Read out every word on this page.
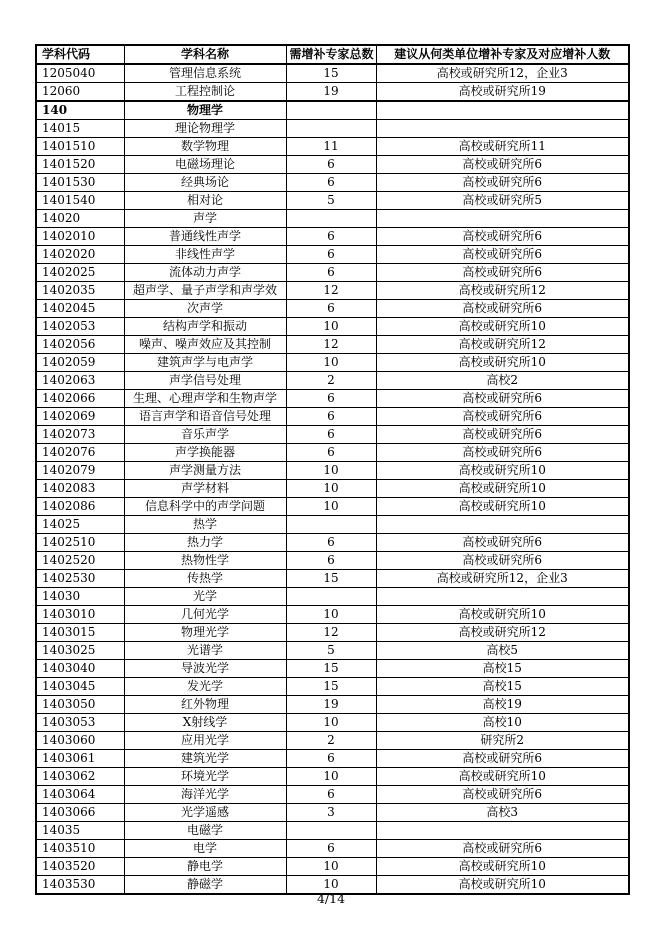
学科代码	学科名称	需增补专家总数	建议从何类单位增补专家及对应增补人数
1205040	管理信息系统	15	高校或研究所12，企业3
12060	工程控制论	19	高校或研究所19
140	物理学		
14015	理论物理学		
1401510	数学物理	11	高校或研究所11
1401520	电磁场理论	6	高校或研究所6
1401530	经典场论	6	高校或研究所6
1401540	相对论	5	高校或研究所5
14020	声学		
1402010	普通线性声学	6	高校或研究所6
1402020	非线性声学	6	高校或研究所6
1402025	流体动力声学	6	高校或研究所6
1402035	超声学、量子声学和声学效	12	高校或研究所12
1402045	次声学	6	高校或研究所6
1402053	结构声学和振动	10	高校或研究所10
1402056	噪声、噪声效应及其控制	12	高校或研究所12
1402059	建筑声学与电声学	10	高校或研究所10
1402063	声学信号处理	2	高校2
1402066	生理、心理声学和生物声学	6	高校或研究所6
1402069	语言声学和语音信号处理	6	高校或研究所6
1402073	音乐声学	6	高校或研究所6
1402076	声学换能器	6	高校或研究所6
1402079	声学测量方法	10	高校或研究所10
1402083	声学材料	10	高校或研究所10
1402086	信息科学中的声学问题	10	高校或研究所10
14025	热学		
1402510	热力学	6	高校或研究所6
1402520	热物性学	6	高校或研究所6
1402530	传热学	15	高校或研究所12，企业3
14030	光学		
1403010	几何光学	10	高校或研究所10
1403015	物理光学	12	高校或研究所12
1403025	光谱学	5	高校5
1403040	导波光学	15	高校15
1403045	发光学	15	高校15
1403050	红外物理	19	高校19
1403053	X射线学	10	高校10
1403060	应用光学	2	研究所2
1403061	建筑光学	6	高校或研究所6
1403062	环境光学	10	高校或研究所10
1403064	海洋光学	6	高校或研究所6
1403066	光学遥感	3	高校3
14035	电磁学		
1403510	电学	6	高校或研究所6
1403520	静电学	10	高校或研究所10
1403530	静磁学	10	高校或研究所10
4/14
